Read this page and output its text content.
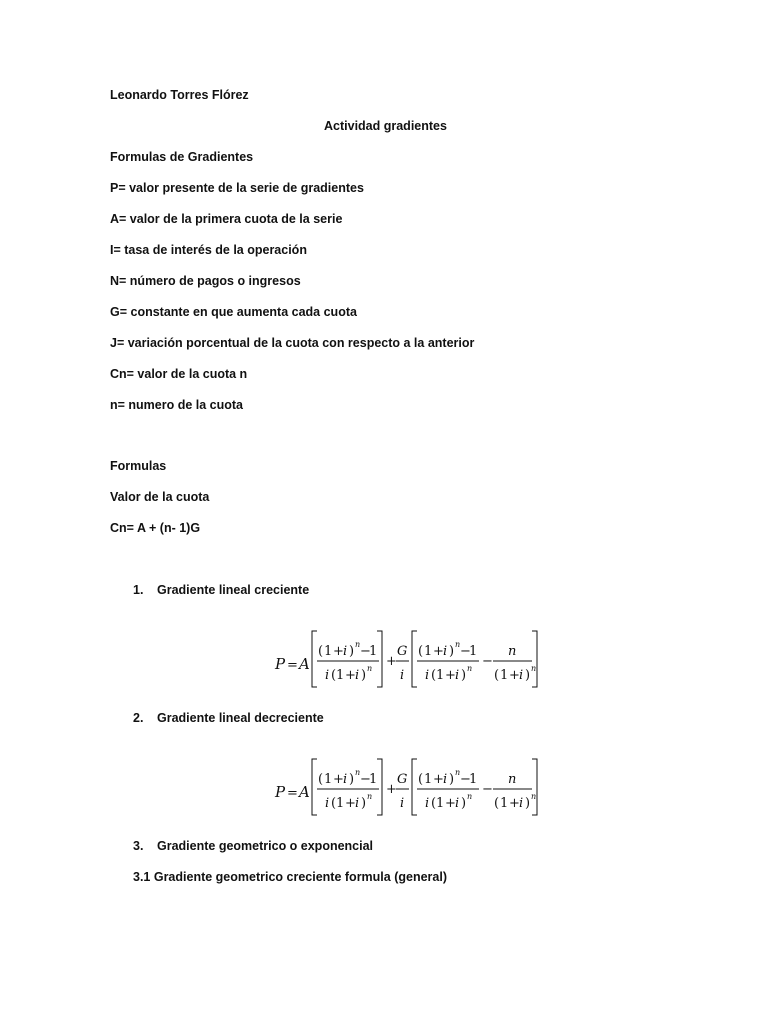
Leonardo Torres Flórez
Actividad gradientes
Formulas de Gradientes
P= valor presente de la serie de gradientes
A= valor de la primera cuota de la serie
I= tasa de interés de la operación
N= número de pagos o ingresos
G= constante en que aumenta cada cuota
J= variación porcentual de la cuota con respecto a la anterior
Cn= valor de la cuota n
n= numero de la cuota
Formulas
Valor de la cuota
Cn= A + (n- 1)G
1. Gradiente lineal creciente
P = A
( 1 + i ) n −
1
i ( 1 + i ) n +
G
i
( 1 + i ) n −
1
i ( 1 + i ) n −
n
( 1 + i ) n
2. Gradiente lineal decreciente
P = A
( 1 + i ) n −
1
i ( 1 + i ) n +
G
i
( 1 + i ) n −
1
i ( 1 + i ) n −
n
( 1 + i ) n
3. Gradiente geometrico o exponencial
3.1 Gradiente geometrico creciente formula (general)
